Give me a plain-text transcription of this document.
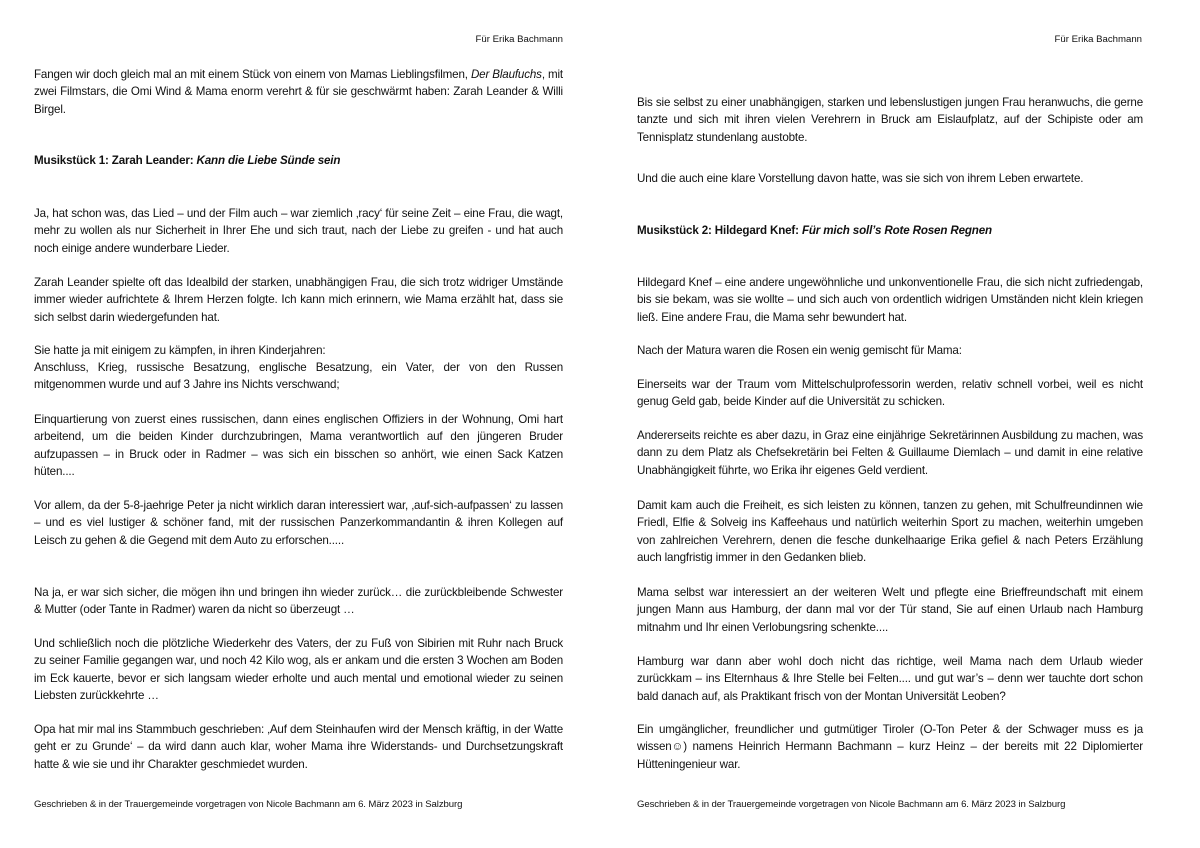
Für Erika Bachmann
Fangen wir doch gleich mal an mit einem Stück von einem von Mamas Lieblingsfilmen, Der Blaufuchs, mit zwei Filmstars, die Omi Wind & Mama enorm verehrt & für sie geschwärmt haben: Zarah Leander & Willi Birgel.
Musikstück 1: Zarah Leander: Kann die Liebe Sünde sein
Ja, hat schon was, das Lied – und der Film auch – war ziemlich ‚racy‘ für seine Zeit – eine Frau, die wagt, mehr zu wollen als nur Sicherheit in Ihrer Ehe und sich traut, nach der Liebe zu greifen - und hat auch noch einige andere wunderbare Lieder.
Zarah Leander spielte oft das Idealbild der starken, unabhängigen Frau, die sich trotz widriger Umstände immer wieder aufrichtete & Ihrem Herzen folgte. Ich kann mich erinnern, wie Mama erzählt hat, dass sie sich selbst darin wiedergefunden hat.
Sie hatte ja mit einigem zu kämpfen, in ihren Kinderjahren:
Anschluss, Krieg, russische Besatzung, englische Besatzung, ein Vater, der von den Russen mitgenommen wurde und auf 3 Jahre ins Nichts verschwand;
Einquartierung von zuerst eines russischen, dann eines englischen Offiziers in der Wohnung, Omi hart arbeitend, um die beiden Kinder durchzubringen, Mama verantwortlich auf den jüngeren Bruder aufzupassen – in Bruck oder in Radmer – was sich ein bisschen so anhört, wie einen Sack Katzen hüten....
Vor allem, da der 5-8-jaehrige Peter ja nicht wirklich daran interessiert war, ‚auf-sich-aufpassen‘ zu lassen – und es viel lustiger & schöner fand, mit der russischen Panzerkommandantin & ihren Kollegen auf Leisch zu gehen & die Gegend mit dem Auto zu erforschen.....
Na ja, er war sich sicher, die mögen ihn und bringen ihn wieder zurück… die zurückbleibende Schwester & Mutter (oder Tante in Radmer) waren da nicht so überzeugt …
Und schließlich noch die plötzliche Wiederkehr des Vaters, der zu Fuß von Sibirien mit Ruhr nach Bruck zu seiner Familie gegangen war, und noch 42 Kilo wog, als er ankam und die ersten 3 Wochen am Boden im Eck kauerte, bevor er sich langsam wieder erholte und auch mental und emotional wieder zu seinen Liebsten zurückkehrte …
Opa hat mir mal ins Stammbuch geschrieben: ‚Auf dem Steinhaufen wird der Mensch kräftig, in der Watte geht er zu Grunde‘ – da wird dann auch klar, woher Mama ihre Widerstands- und Durchsetzungskraft hatte & wie sie und ihr Charakter geschmiedet wurden.
Geschrieben & in der Trauergemeinde vorgetragen von Nicole Bachmann am 6. März 2023 in Salzburg
Für Erika Bachmann
Bis sie selbst zu einer unabhängigen, starken und lebenslustigen jungen Frau heranwuchs, die gerne tanzte und sich mit ihren vielen Verehrern in Bruck am Eislaufplatz, auf der Schipiste oder am Tennisplatz stundenlang austobte.
Und die auch eine klare Vorstellung davon hatte, was sie sich von ihrem Leben erwartete.
Musikstück 2: Hildegard Knef: Für mich soll’s Rote Rosen Regnen
Hildegard Knef – eine andere ungewöhnliche und unkonventionelle Frau, die sich nicht zufriedengab, bis sie bekam, was sie wollte – und sich auch von ordentlich widrigen Umständen nicht klein kriegen ließ. Eine andere Frau, die Mama sehr bewundert hat.
Nach der Matura waren die Rosen ein wenig gemischt für Mama:
Einerseits war der Traum vom Mittelschulprofessorin werden, relativ schnell vorbei, weil es nicht genug Geld gab, beide Kinder auf die Universität zu schicken.
Andererseits reichte es aber dazu, in Graz eine einjährige Sekretärinnen Ausbildung zu machen, was dann zu dem Platz als Chefsekretärin bei Felten & Guillaume Diemlach – und damit in eine relative Unabhängigkeit führte, wo Erika ihr eigenes Geld verdient.
Damit kam auch die Freiheit, es sich leisten zu können, tanzen zu gehen, mit Schulfreundinnen wie Friedl, Elfie & Solveig ins Kaffeehaus und natürlich weiterhin Sport zu machen, weiterhin umgeben von zahlreichen Verehrern, denen die fesche dunkelhaarige Erika gefiel & nach Peters Erzählung auch langfristig immer in den Gedanken blieb.
Mama selbst war interessiert an der weiteren Welt und pflegte eine Brieffreundschaft mit einem jungen Mann aus Hamburg, der dann mal vor der Tür stand, Sie auf einen Urlaub nach Hamburg mitnahm und Ihr einen Verlobungsring schenkte....
Hamburg war dann aber wohl doch nicht das richtige, weil Mama nach dem Urlaub wieder zurückkam – ins Elternhaus & Ihre Stelle bei Felten.... und gut war’s – denn wer tauchte dort schon bald danach auf, als Praktikant frisch von der Montan Universität Leoben?
Ein umgänglicher, freundlicher und gutmütiger Tiroler (O-Ton Peter & der Schwager muss es ja wissen☺) namens Heinrich Hermann Bachmann – kurz Heinz – der bereits mit 22 Diplomierter Hütteningenieur war.
Geschrieben & in der Trauergemeinde vorgetragen von Nicole Bachmann am 6. März 2023 in Salzburg
